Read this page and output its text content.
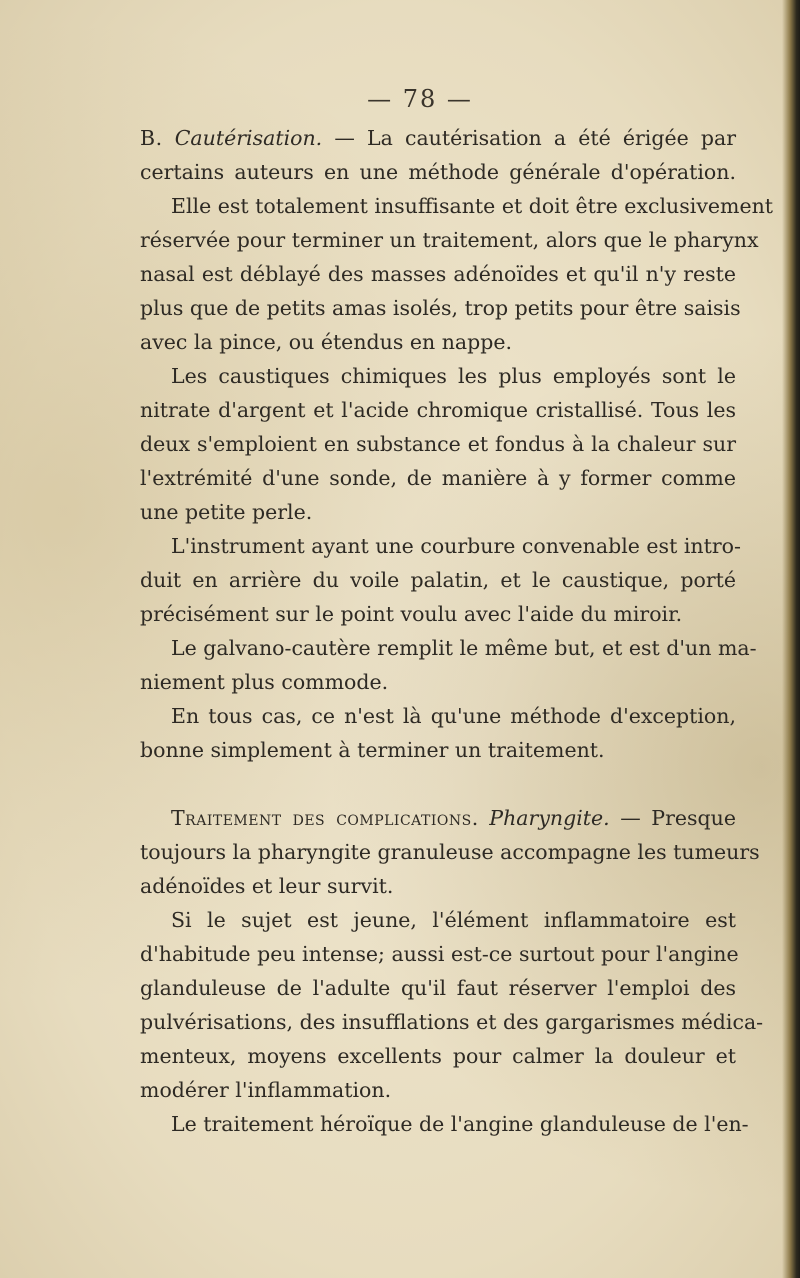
— 78 —
B. Cautérisation. — La cautérisation a été érigée par
certains auteurs en une méthode générale d'opération.
Elle est totalement insuffisante et doit être exclusivement
réservée pour terminer un traitement, alors que le pharynx
nasal est déblayé des masses adénoïdes et qu'il n'y reste
plus que de petits amas isolés, trop petits pour être saisis
avec la pince, ou étendus en nappe.
Les caustiques chimiques les plus employés sont le
nitrate d'argent et l'acide chromique cristallisé. Tous les
deux s'emploient en substance et fondus à la chaleur sur
l'extrémité d'une sonde, de manière à y former comme
une petite perle.
L'instrument ayant une courbure convenable est intro-
duit en arrière du voile palatin, et le caustique, porté
précisément sur le point voulu avec l'aide du miroir.
Le galvano-cautère remplit le même but, et est d'un ma-
niement plus commode.
En tous cas, ce n'est là qu'une méthode d'exception,
bonne simplement à terminer un traitement.
Traitement des complications. Pharyngite. — Presque
toujours la pharyngite granuleuse accompagne les tumeurs
adénoïdes et leur survit.
Si le sujet est jeune, l'élément inflammatoire est
d'habitude peu intense; aussi est-ce surtout pour l'angine
glanduleuse de l'adulte qu'il faut réserver l'emploi des
pulvérisations, des insufflations et des gargarismes médica-
menteux, moyens excellents pour calmer la douleur et
modérer l'inflammation.
Le traitement héroïque de l'angine glanduleuse de l'en-
